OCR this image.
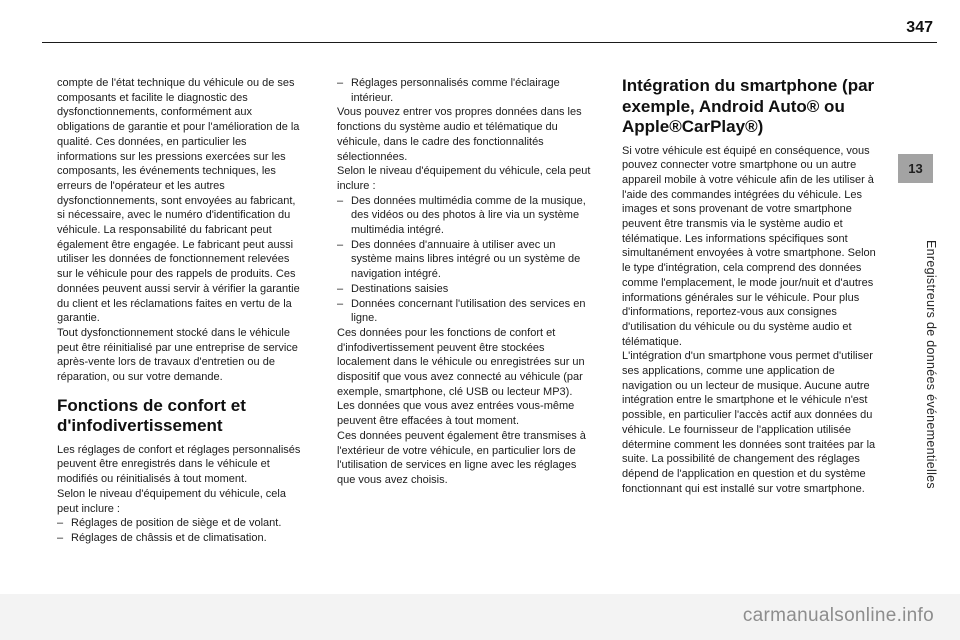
347
13
Enregistreurs de données événementielles

compte de l'état technique du véhicule ou de ses composants et facilite le diagnostic des dysfonctionnements, conformément aux obligations de garantie et pour l'amélioration de la qualité. Ces données, en particulier les informations sur les pressions exercées sur les composants, les événements techniques, les erreurs de l'opérateur et les autres dysfonctionnements, sont envoyées au fabricant, si nécessaire, avec le numéro d'identification du véhicule. La responsabilité du fabricant peut également être engagée. Le fabricant peut aussi utiliser les données de fonctionnement relevées sur le véhicule pour des rappels de produits. Ces données peuvent aussi servir à vérifier la garantie du client et les réclamations faites en vertu de la garantie.

Tout dysfonctionnement stocké dans le véhicule peut être réinitialisé par une entreprise de service après-vente lors de travaux d'entretien ou de réparation, ou sur votre demande.

Fonctions de confort et d'infodivertissement

Les réglages de confort et réglages personnalisés peuvent être enregistrés dans le véhicule et modifiés ou réinitialisés à tout moment.

Selon le niveau d'équipement du véhicule, cela peut inclure :

– Réglages de position de siège et de volant.
– Réglages de châssis et de climatisation.
– Réglages personnalisés comme l'éclairage intérieur.

Vous pouvez entrer vos propres données dans les fonctions du système audio et télématique du véhicule, dans le cadre des fonctionnalités sélectionnées.

Selon le niveau d'équipement du véhicule, cela peut inclure :

– Des données multimédia comme de la musique, des vidéos ou des photos à lire via un système multimédia intégré.
– Des données d'annuaire à utiliser avec un système mains libres intégré ou un système de navigation intégré.
– Destinations saisies
– Données concernant l'utilisation des services en ligne.

Ces données pour les fonctions de confort et d'infodivertissement peuvent être stockées localement dans le véhicule ou enregistrées sur un dispositif que vous avez connecté au véhicule (par exemple, smartphone, clé USB ou lecteur MP3). Les données que vous avez entrées vous-même peuvent être effacées à tout moment.

Ces données peuvent également être transmises à l'extérieur de votre véhicule, en particulier lors de l'utilisation de services en ligne avec les réglages que vous avez choisis.

Intégration du smartphone (par exemple, Android Auto® ou Apple®CarPlay®)

Si votre véhicule est équipé en conséquence, vous pouvez connecter votre smartphone ou un autre appareil mobile à votre véhicule afin de les utiliser à l'aide des commandes intégrées du véhicule. Les images et sons provenant de votre smartphone peuvent être transmis via le système audio et télématique. Les informations spécifiques sont simultanément envoyées à votre smartphone. Selon le type d'intégration, cela comprend des données comme l'emplacement, le mode jour/nuit et d'autres informations générales sur le véhicule. Pour plus d'informations, reportez-vous aux consignes d'utilisation du véhicule ou du système audio et télématique.

L'intégration d'un smartphone vous permet d'utiliser ses applications, comme une application de navigation ou un lecteur de musique. Aucune autre intégration entre le smartphone et le véhicule n'est possible, en particulier l'accès actif aux données du véhicule. Le fournisseur de l'application utilisée détermine comment les données sont traitées par la suite. La possibilité de changement des réglages dépend de l'application en question et du système fonctionnant qui est installé sur votre smartphone.

carmanualsonline.info
